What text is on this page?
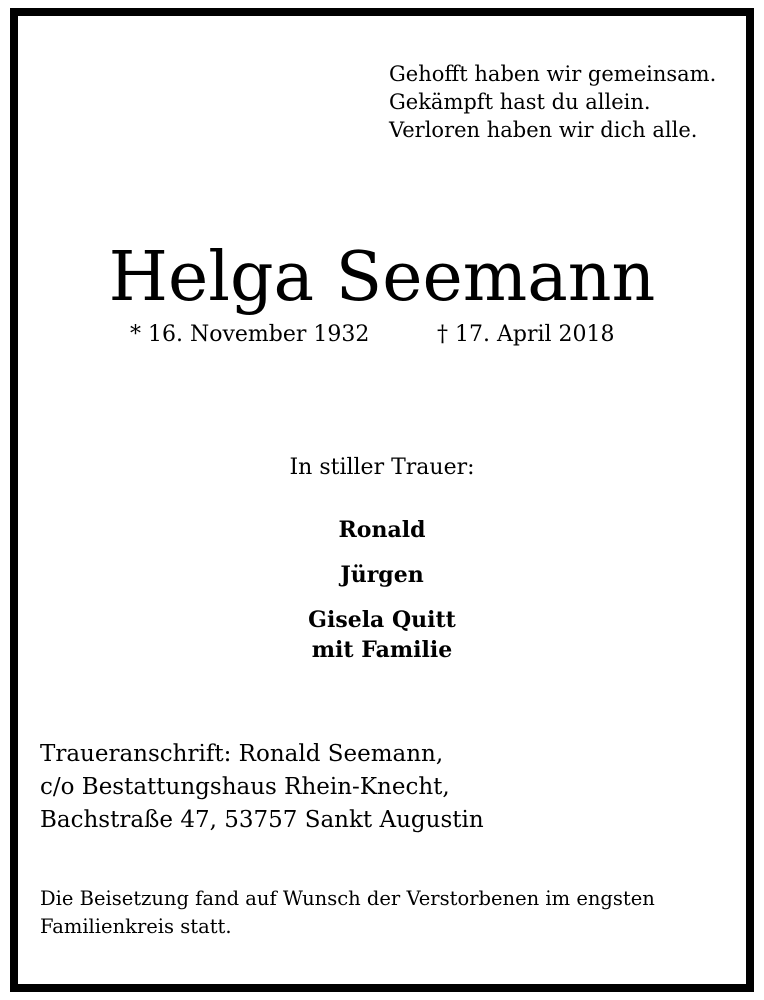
Gehofft haben wir gemeinsam.
Gekämpft hast du allein.
Verloren haben wir dich alle.
Helga Seemann
* 16. November 1932	† 17. April 2018
In stiller Trauer:
Ronald
Jürgen
Gisela Quitt
mit Familie
Traueranschrift: Ronald Seemann,
c/o Bestattungshaus Rhein-Knecht,
Bachstraße 47, 53757 Sankt Augustin
Die Beisetzung fand auf Wunsch der Verstorbenen im engsten
Familienkreis statt.
